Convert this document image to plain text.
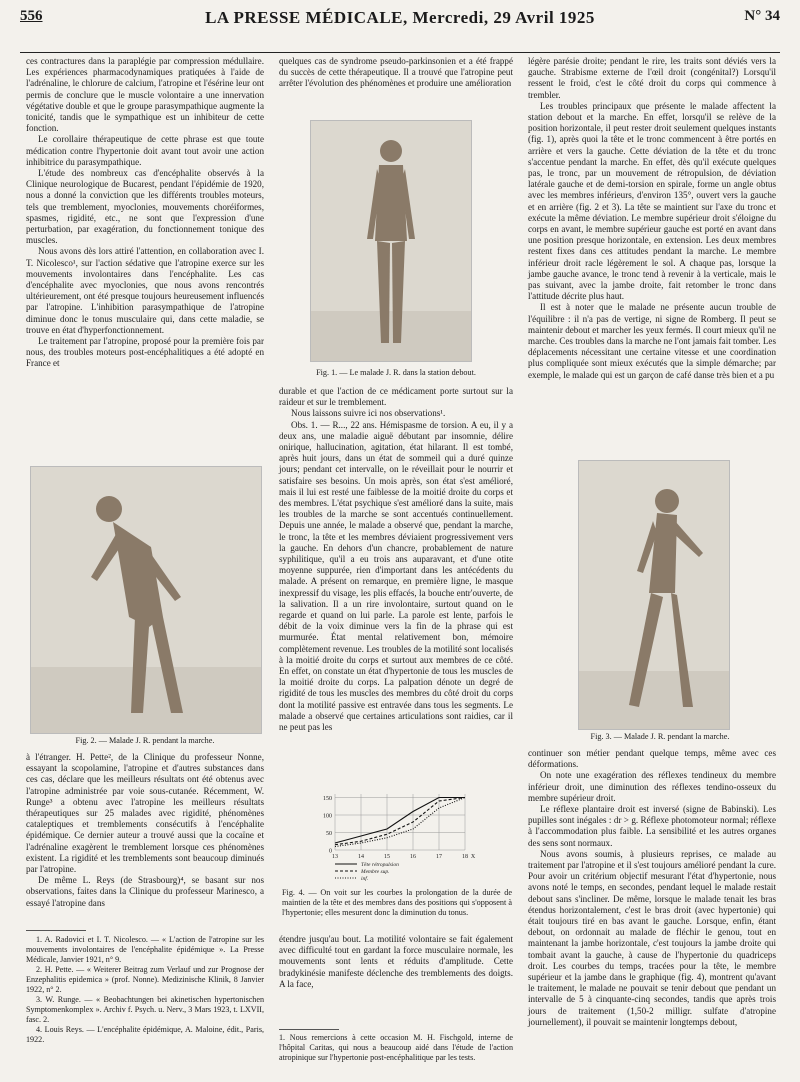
556	LA PRESSE MÉDICALE, Mercredi, 29 Avril 1925	N° 34

ces contractures dans la paraplégie par compression médullaire. Les expériences pharmacodynamiques pratiquées à l'aide de l'adrénaline, le chlorure de calcium, l'atropine et l'ésérine leur ont permis de conclure que le muscle volontaire a une innervation végétative double et que le groupe parasympathique augmente la tonicité, tandis que le sympathique est un inhibiteur de cette fonction.

Le corollaire thérapeutique de cette phrase est que toute médication contre l'hypertonie doit avant tout avoir une action inhibitrice du parasympathique.

L'étude des nombreux cas d'encéphalite observés à la Clinique neurologique de Bucarest, pendant l'épidémie de 1920, nous a donné la conviction que les différents troubles moteurs, tels que tremblement, myoclonies, mouvements choréiformes, spasmes, rigidité, etc., ne sont que l'expression d'une perturbation, par exagération, du fonctionnement tonique des muscles.

Nous avons dès lors attiré l'attention, en collaboration avec I. T. Nicolesco¹, sur l'action sédative que l'atropine exerce sur les mouvements involontaires dans l'encéphalite. Les cas d'encéphalite avec myoclonies, que nous avons rencontrés ultérieurement, ont été presque toujours heureusement influencés par l'atropine. L'inhibition parasympathique de l'atropine diminue donc le tonus musculaire qui, dans cette maladie, se trouve en état d'hyperfonctionnement.

Le traitement par l'atropine, proposé pour la première fois par nous, des troubles moteurs post-encéphalitiques a été adopté en France et

Fig. 2. — Malade J. R. pendant la marche.

à l'étranger. H. Pette², de la Clinique du professeur Nonne, essayant la scopolamine, l'atropine et d'autres substances dans ces cas, déclare que les meilleurs résultats ont été obtenus avec l'atropine administrée par voie sous-cutanée. Récemment, W. Runge³ a obtenu avec l'atropine les meilleurs résultats thérapeutiques sur 25 malades avec rigidité, phénomènes cataleptiques et tremblements consécutifs à l'encéphalite épidémique. Ce dernier auteur a trouvé aussi que la cocaïne et l'adrénaline exagèrent le tremblement lorsque ces phénomènes existent. La rigidité et les tremblements sont beaucoup diminués par l'atropine.

De même L. Reys (de Strasbourg)⁴, se basant sur nos observations, faites dans la Clinique du professeur Marinesco, a essayé l'atropine dans

1. A. Radovici et I. T. Nicolesco. — « L'action de l'atropine sur les mouvements involontaires de l'encéphalite épidémique ». La Presse Médicale, Janvier 1921, n° 9.

2. H. Pette. — « Weiterer Beitrag zum Verlauf und zur Prognose der Enzephalitis epidemica » (prof. Nonne). Medizinische Klinik, 8 Janvier 1922, n° 2.

3. W. Runge. — « Beobachtungen bei akinetischen hypertonischen Symptomenkomplex ». Archiv f. Psych. u. Nerv., 3 Mars 1923, t. LXVII, fasc. 2.

4. Louis Reys. — L'encéphalite épidémique, A. Maloine, édit., Paris, 1922.

quelques cas de syndrome pseudo-parkinsonien et a été frappé du succès de cette thérapeutique. Il a trouvé que l'atropine peut arrêter l'évolution des phénomènes et produire une amélioration

Fig. 1. — Le malade J. R. dans la station debout.

durable et que l'action de ce médicament porte surtout sur la raideur et sur le tremblement.

Nous laissons suivre ici nos observations¹.

Obs. 1. — R..., 22 ans. Hémispasme de torsion. A eu, il y a deux ans, une maladie aiguë débutant par insomnie, délire onirique, hallucination, agitation, état hilarant. Il est tombé, après huit jours, dans un état de sommeil qui a duré quinze jours; pendant cet intervalle, on le réveillait pour le nourrir et satisfaire ses besoins. Un mois après, son état s'est amélioré, mais il lui est resté une faiblesse de la moitié droite du corps et des membres. L'état psychique s'est amélioré dans la suite, mais les troubles de la marche se sont accentués continuellement. Depuis une année, le malade a observé que, pendant la marche, le tronc, la tête et les membres déviaient progressivement vers la gauche. En dehors d'un chancre, probablement de nature syphilitique, qu'il a eu trois ans auparavant, et d'une otite moyenne suppurée, rien d'important dans les antécédents du malade. A présent on remarque, en première ligne, le masque inexpressif du visage, les plis effacés, la bouche entr'ouverte, de la salivation. Il a un rire involontaire, surtout quand on le regarde et quand on lui parle. La parole est lente, parfois le débit de la voix diminue vers la fin de la phrase qui est murmurée. État mental relativement bon, mémoire complètement revenue. Les troubles de la motilité sont localisés à la moitié droite du corps et surtout aux membres de ce côté. En effet, on constate un état d'hypertonie de tous les muscles de la moitié droite du corps. La palpation dénote un degré de rigidité de tous les muscles des membres du côté droit du corps dont la motilité passive est entravée dans tous les segments. Le malade a observé que certaines articulations sont raidies, car il ne peut pas les

0
50
100
150
13	14	15	16	17	18 X
Tête rétropulsion
Membre sup.
inf.
Fig. 4. — On voit sur les courbes la prolongation de la durée de maintien de la tête et des membres dans des positions qui s'opposent à l'hypertonie; elles mesurent donc la diminution du tonus.

étendre jusqu'au bout. La motilité volontaire se fait également avec difficulté tout en gardant la force musculaire normale, les mouvements sont lents et réduits d'amplitude. Cette bradykinésie manifeste déclenche des tremblements des doigts. A la face,

1. Nous remercions à cette occasion M. H. Fischgold, interne de l'hôpital Caritas, qui nous a beaucoup aidé dans l'étude de l'action atropinique sur l'hypertonie post-encéphalitique par les tests.

légère parésie droite; pendant le rire, les traits sont déviés vers la gauche. Strabisme externe de l'œil droit (congénital?) Lorsqu'il ressent le froid, c'est le côté droit du corps qui commence à trembler.

Les troubles principaux que présente le malade affectent la station debout et la marche. En effet, lorsqu'il se relève de la position horizontale, il peut rester droit seulement quelques instants (fig. 1), après quoi la tête et le tronc commencent à être portés en arrière et vers la gauche. Cette déviation de la tête et du tronc s'accentue pendant la marche. En effet, dès qu'il exécute quelques pas, le tronc, par un mouvement de rétropulsion, de déviation latérale gauche et de demi-torsion en spirale, forme un angle obtus avec les membres inférieurs, d'environ 135°, ouvert vers la gauche et en arrière (fig. 2 et 3). La tête se maintient sur l'axe du tronc et exécute la même déviation. Le membre supérieur droit s'éloigne du corps en avant, le membre supérieur gauche est porté en avant dans une position presque horizontale, en extension. Les deux membres restent fixes dans ces attitudes pendant la marche. Le membre inférieur droit racle légèrement le sol. A chaque pas, lorsque la jambe gauche avance, le tronc tend à revenir à la verticale, mais le pas suivant, avec la jambe droite, fait retomber le tronc dans l'attitude décrite plus haut.

Il est à noter que le malade ne présente aucun trouble de l'équilibre : il n'a pas de vertige, ni signe de Romberg. Il peut se maintenir debout et marcher les yeux fermés. Il court mieux qu'il ne marche. Ces troubles dans la marche ne l'ont jamais fait tomber. Les déplacements nécessitant une certaine vitesse et une coordination plus compliquée sont mieux exécutés que la simple démarche; par exemple, le malade qui est un garçon de café danse très bien et a pu

Fig. 3. — Malade J. R. pendant la marche.

continuer son métier pendant quelque temps, même avec ces déformations.

On note une exagération des réflexes tendineux du membre inférieur droit, une diminution des réflexes tendino-osseux du membre supérieur droit.

Le réflexe plantaire droit est inversé (signe de Babinski). Les pupilles sont inégales : dr > g. Réflexe photomoteur normal; réflexe à l'accommodation plus faible. La sensibilité et les autres organes des sens sont normaux.

Nous avons soumis, à plusieurs reprises, ce malade au traitement par l'atropine et il s'est toujours amélioré pendant la cure. Pour avoir un critérium objectif mesurant l'état d'hypertonie, nous avons noté le temps, en secondes, pendant lequel le malade restait debout sans s'incliner. De même, lorsque le malade tenait les bras étendus horizontalement, c'est le bras droit (avec hypertonie) qui était toujours tiré en bas avant le gauche. Lorsque, enfin, étant debout, on ordonnait au malade de fléchir le genou, tout en maintenant la jambe horizontale, c'est toujours la jambe droite qui tombait avant la gauche, à cause de l'hypertonie du quadriceps droit. Les courbes du temps, tracées pour la tête, le membre supérieur et la jambe dans le graphique (fig. 4), montrent qu'avant le traitement, le malade ne pouvait se tenir debout que pendant un intervalle de 5 à cinquante-cinq secondes, tandis que après trois jours de traitement (1,50-2 milligr. sulfate d'atropine journellement), il pouvait se maintenir longtemps debout,
